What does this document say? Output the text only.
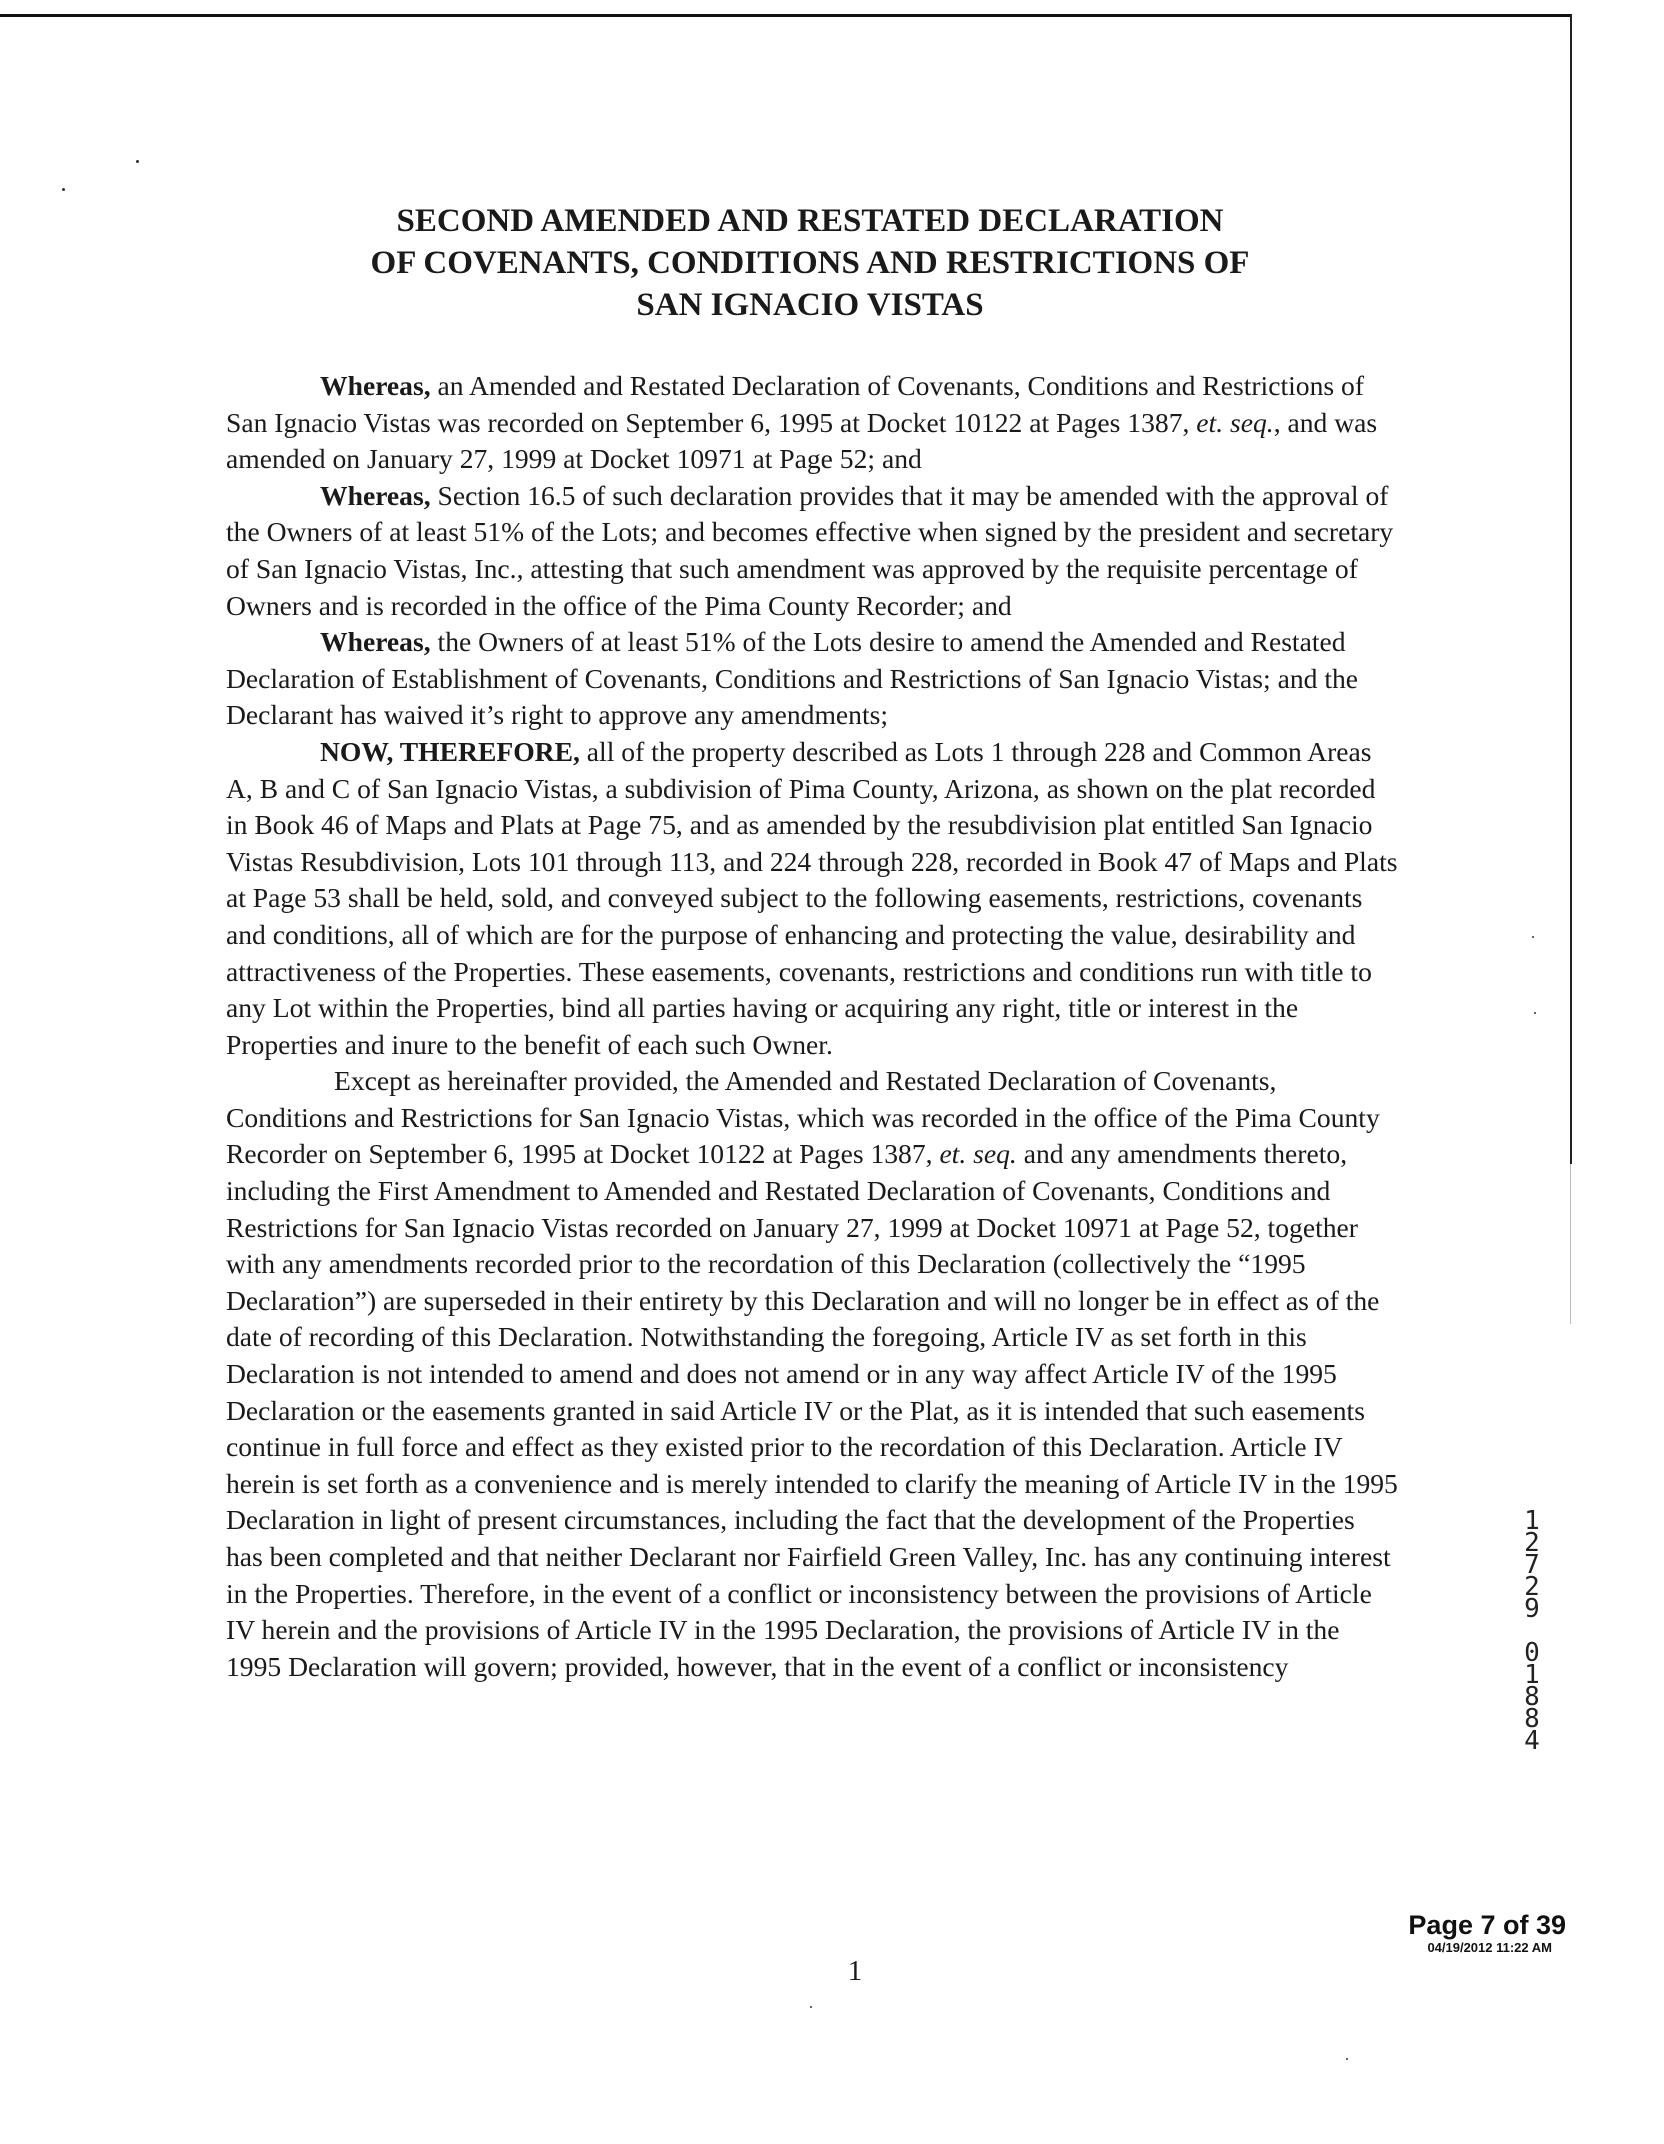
SECOND AMENDED AND RESTATED DECLARATION
OF COVENANTS, CONDITIONS AND RESTRICTIONS OF
SAN IGNACIO VISTAS

Whereas, an Amended and Restated Declaration of Covenants, Conditions and Restrictions of San Ignacio Vistas was recorded on September 6, 1995 at Docket 10122 at Pages 1387, et. seq., and was amended on January 27, 1999 at Docket 10971 at Page 52; and

Whereas, Section 16.5 of such declaration provides that it may be amended with the approval of the Owners of at least 51% of the Lots; and becomes effective when signed by the president and secretary of San Ignacio Vistas, Inc., attesting that such amendment was approved by the requisite percentage of Owners and is recorded in the office of the Pima County Recorder; and

Whereas, the Owners of at least 51% of the Lots desire to amend the Amended and Restated Declaration of Establishment of Covenants, Conditions and Restrictions of San Ignacio Vistas; and the Declarant has waived it’s right to approve any amendments;

NOW, THEREFORE, all of the property described as Lots 1 through 228 and Common Areas A, B and C of San Ignacio Vistas, a subdivision of Pima County, Arizona, as shown on the plat recorded in Book 46 of Maps and Plats at Page 75, and as amended by the resubdivision plat entitled San Ignacio Vistas Resubdivision, Lots 101 through 113, and 224 through 228, recorded in Book 47 of Maps and Plats at Page 53 shall be held, sold, and conveyed subject to the following easements, restrictions, covenants and conditions, all of which are for the purpose of enhancing and protecting the value, desirability and attractiveness of the Properties. These easements, covenants, restrictions and conditions run with title to any Lot within the Properties, bind all parties having or acquiring any right, title or interest in the Properties and inure to the benefit of each such Owner.

Except as hereinafter provided, the Amended and Restated Declaration of Covenants, Conditions and Restrictions for San Ignacio Vistas, which was recorded in the office of the Pima County Recorder on September 6, 1995 at Docket 10122 at Pages 1387, et. seq. and any amendments thereto, including the First Amendment to Amended and Restated Declaration of Covenants, Conditions and Restrictions for San Ignacio Vistas recorded on January 27, 1999 at Docket 10971 at Page 52, together with any amendments recorded prior to the recordation of this Declaration (collectively the “1995 Declaration”) are superseded in their entirety by this Declaration and will no longer be in effect as of the date of recording of this Declaration. Notwithstanding the foregoing, Article IV as set forth in this Declaration is not intended to amend and does not amend or in any way affect Article IV of the 1995 Declaration or the easements granted in said Article IV or the Plat, as it is intended that such easements continue in full force and effect as they existed prior to the recordation of this Declaration. Article IV herein is set forth as a convenience and is merely intended to clarify the meaning of Article IV in the 1995 Declaration in light of present circumstances, including the fact that the development of the Properties has been completed and that neither Declarant nor Fairfield Green Valley, Inc. has any continuing interest in the Properties. Therefore, in the event of a conflict or inconsistency between the provisions of Article IV herein and the provisions of Article IV in the 1995 Declaration, the provisions of Article IV in the 1995 Declaration will govern; provided, however, that in the event of a conflict or inconsistency

1
2
7
2
9

0
1
8
8
4
Page 7 of 39
04/19/2012 11:22 AM
1
